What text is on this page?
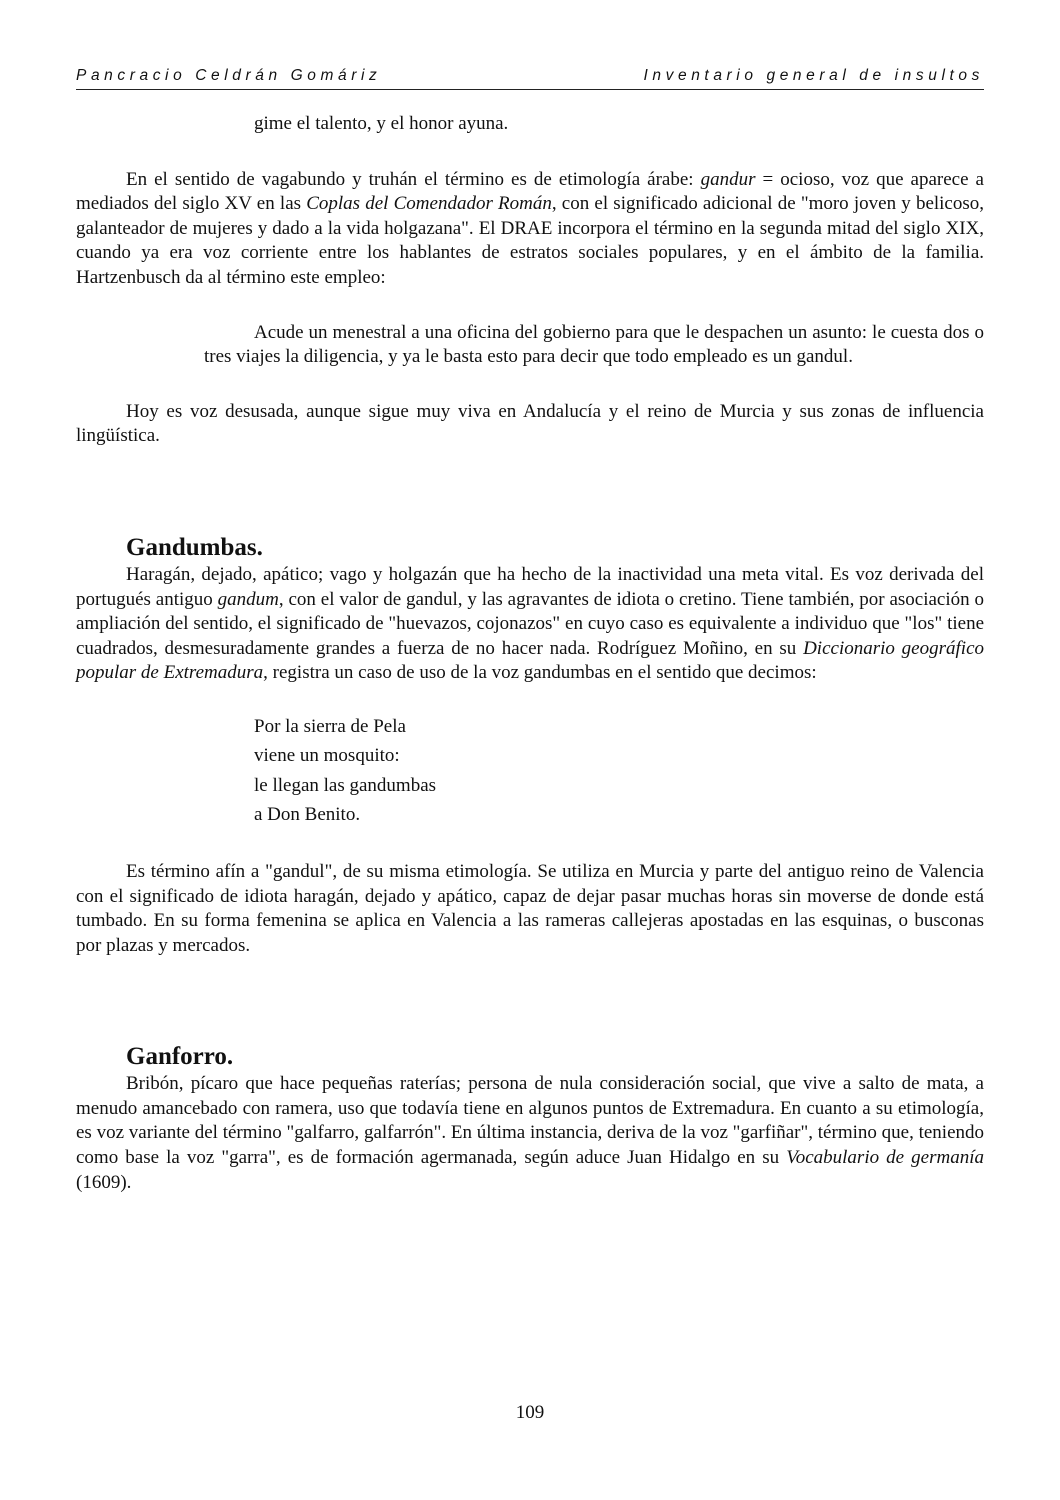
Pancracio Celdrán Gomáriz	Inventario general de insultos

gime el talento, y el honor ayuna.

En el sentido de vagabundo y truhán el término es de etimología árabe: gandur = ocioso, voz que aparece a mediados del siglo XV en las Coplas del Comendador Román, con el significado adicional de "moro joven y belicoso, galanteador de mujeres y dado a la vida holgazana". El DRAE incorpora el término en la segunda mitad del siglo XIX, cuando ya era voz corriente entre los hablantes de estratos sociales populares, y en el ámbito de la familia. Hartzenbusch da al término este empleo:

Acude un menestral a una oficina del gobierno para que le despachen un asunto: le cuesta dos o tres viajes la diligencia, y ya le basta esto para decir que todo empleado es un gandul.

Hoy es voz desusada, aunque sigue muy viva en Andalucía y el reino de Murcia y sus zonas de influencia lingüística.

Gandumbas.

Haragán, dejado, apático; vago y holgazán que ha hecho de la inactividad una meta vital. Es voz derivada del portugués antiguo gandum, con el valor de gandul, y las agravantes de idiota o cretino. Tiene también, por asociación o ampliación del sentido, el significado de "huevazos, cojonazos" en cuyo caso es equivalente a individuo que "los" tiene cuadrados, desmesuradamente grandes a fuerza de no hacer nada. Rodríguez Moñino, en su Diccionario geográfico popular de Extremadura, registra un caso de uso de la voz gandumbas en el sentido que decimos:

Por la sierra de Pela
viene un mosquito:
le llegan las gandumbas
a Don Benito.

Es término afín a "gandul", de su misma etimología. Se utiliza en Murcia y parte del antiguo reino de Valencia con el significado de idiota haragán, dejado y apático, capaz de dejar pasar muchas horas sin moverse de donde está tumbado. En su forma femenina se aplica en Valencia a las rameras callejeras apostadas en las esquinas, o busconas por plazas y mercados.

Ganforro.

Bribón, pícaro que hace pequeñas raterías; persona de nula consideración social, que vive a salto de mata, a menudo amancebado con ramera, uso que todavía tiene en algunos puntos de Extremadura. En cuanto a su etimología, es voz variante del término "galfarro, galfarrón". En última instancia, deriva de la voz "garfiñar", término que, teniendo como base la voz "garra", es de formación agermanada, según aduce Juan Hidalgo en su Vocabulario de germanía (1609).

109
